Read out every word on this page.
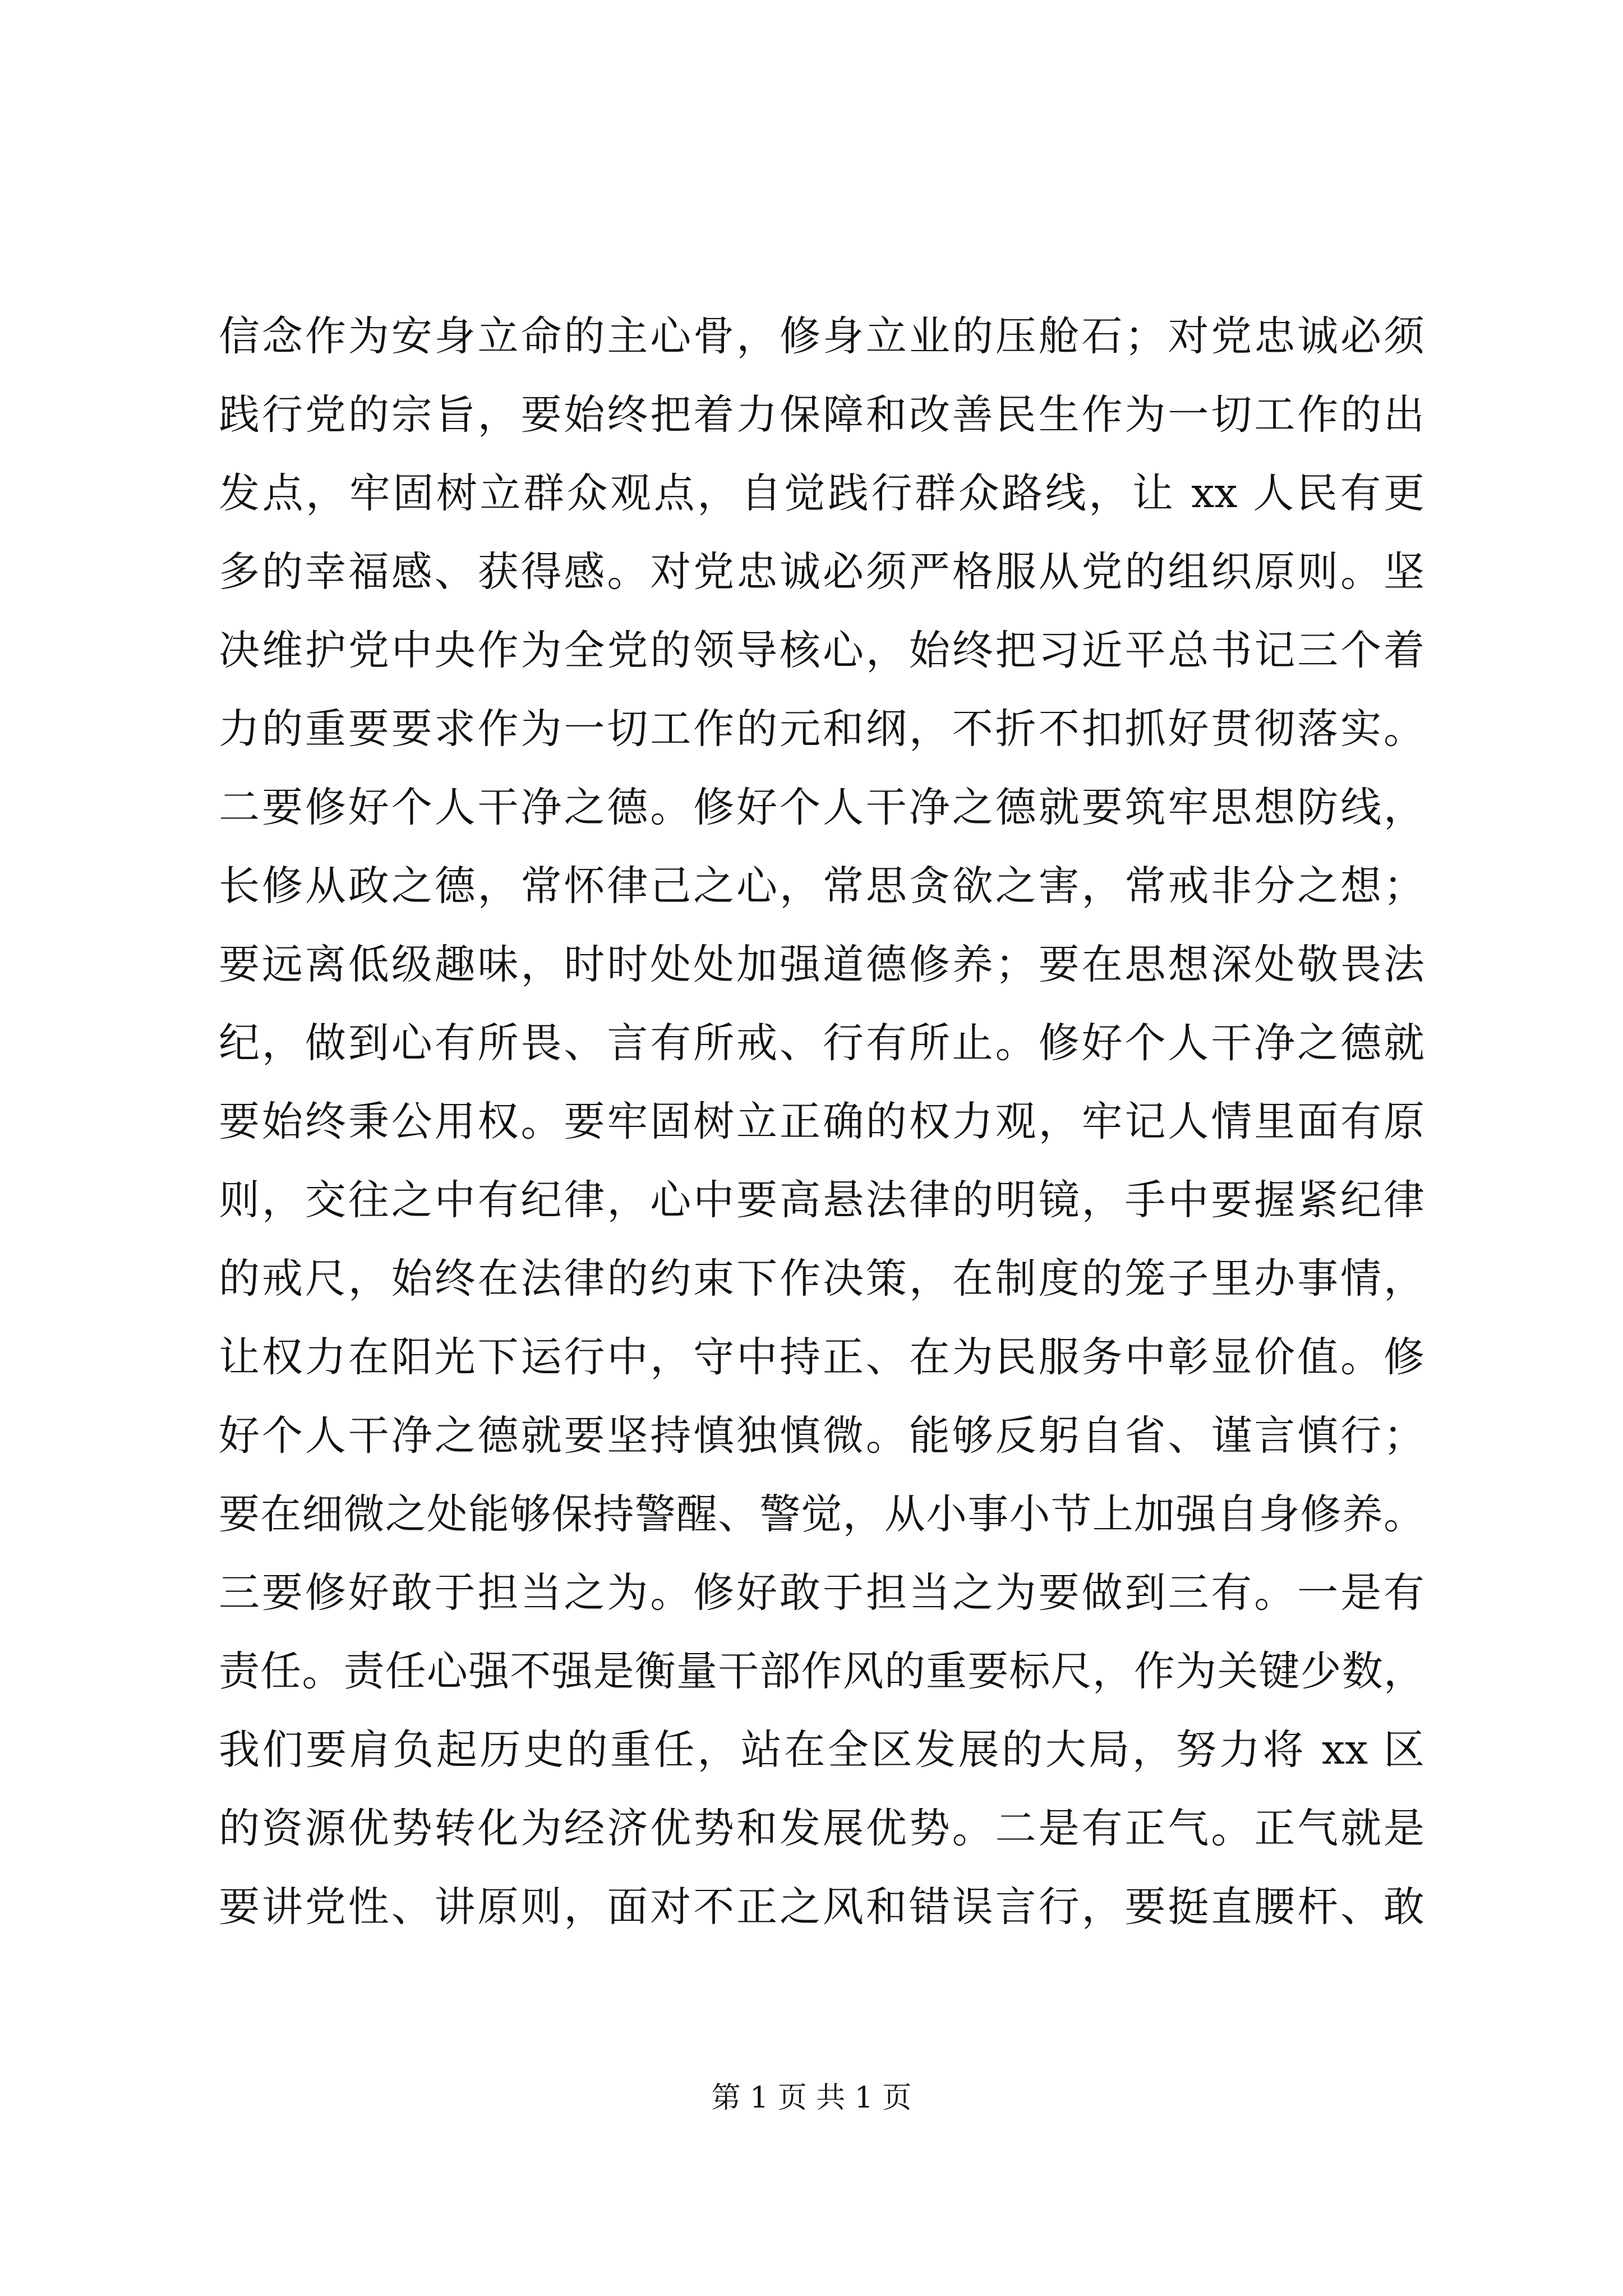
信念作为安身立命的主心骨，修身立业的压舱石；对党忠诚必须
践行党的宗旨，要始终把着力保障和改善民生作为一切工作的出
发点，牢固树立群众观点，自觉践行群众路线，让 xx 人民有更
多的幸福感、获得感。对党忠诚必须严格服从党的组织原则。坚
决维护党中央作为全党的领导核心，始终把习近平总书记三个着
力的重要要求作为一切工作的元和纲，不折不扣抓好贯彻落实。
二要修好个人干净之德。修好个人干净之德就要筑牢思想防线，
长修从政之德，常怀律己之心，常思贪欲之害，常戒非分之想；
要远离低级趣味，时时处处加强道德修养；要在思想深处敬畏法
纪，做到心有所畏、言有所戒、行有所止。修好个人干净之德就
要始终秉公用权。要牢固树立正确的权力观，牢记人情里面有原
则，交往之中有纪律，心中要高悬法律的明镜，手中要握紧纪律
的戒尺，始终在法律的约束下作决策，在制度的笼子里办事情，
让权力在阳光下运行中，守中持正、在为民服务中彰显价值。修
好个人干净之德就要坚持慎独慎微。能够反躬自省、谨言慎行；
要在细微之处能够保持警醒、警觉，从小事小节上加强自身修养。
三要修好敢于担当之为。修好敢于担当之为要做到三有。一是有
责任。责任心强不强是衡量干部作风的重要标尺，作为关键少数，
我们要肩负起历史的重任，站在全区发展的大局，努力将 xx 区
的资源优势转化为经济优势和发展优势。二是有正气。正气就是
要讲党性、讲原则，面对不正之风和错误言行，要挺直腰杆、敢
第 1 页 共 1 页
